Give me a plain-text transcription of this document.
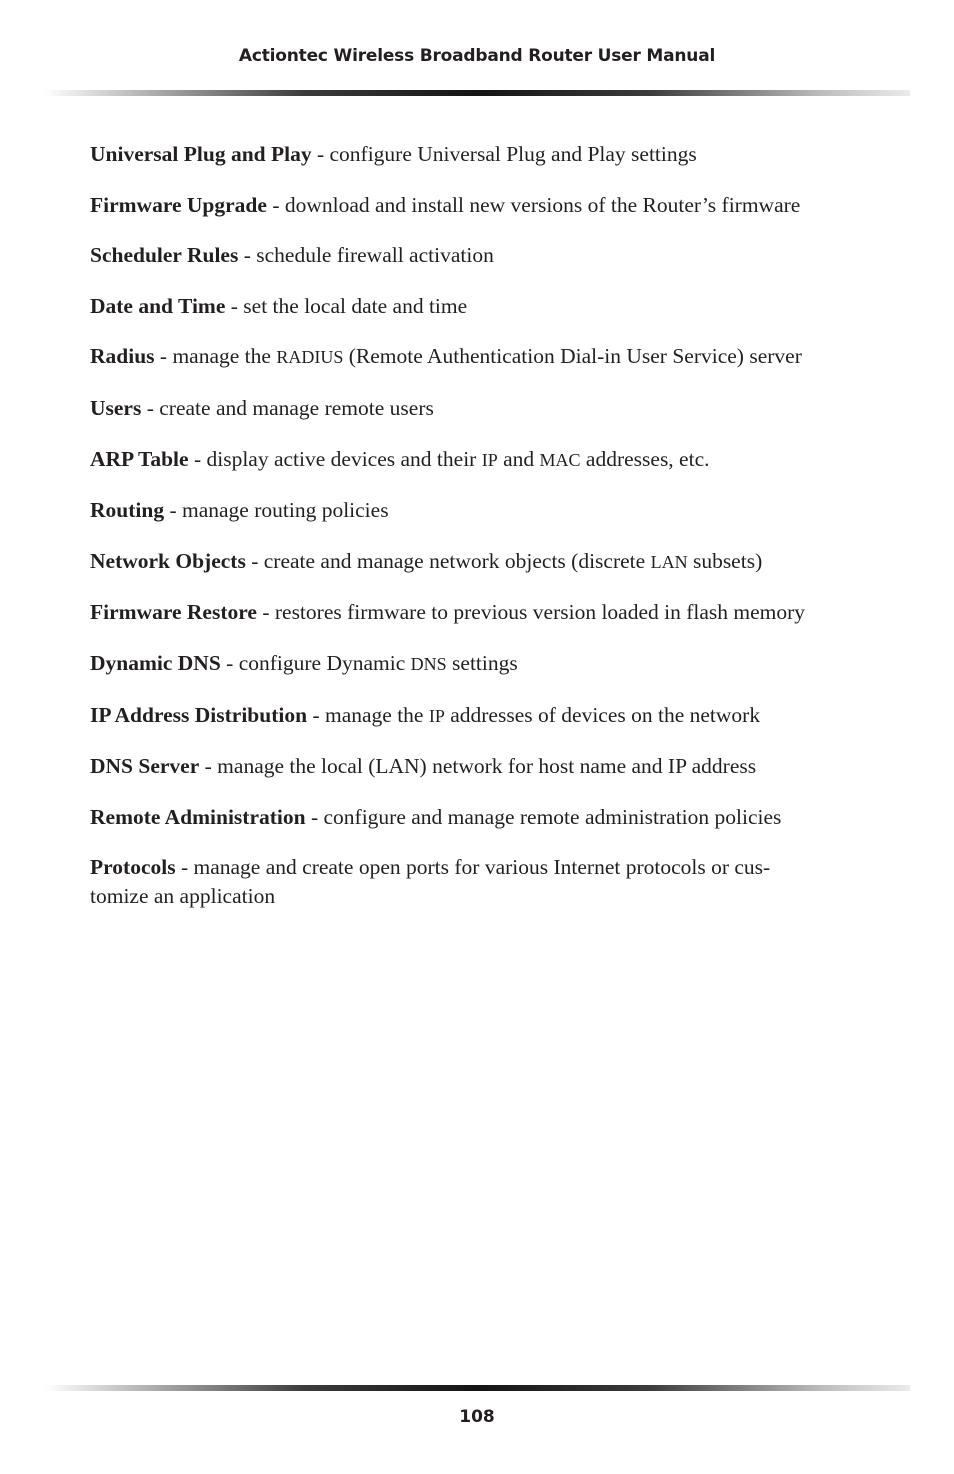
Actiontec Wireless Broadband Router User Manual
Universal Plug and Play - configure Universal Plug and Play settings
Firmware Upgrade - download and install new versions of the Router’s firmware
Scheduler Rules - schedule firewall activation
Date and Time - set the local date and time
Radius - manage the RADIUS (Remote Authentication Dial-in User Service) server
Users - create and manage remote users
ARP Table - display active devices and their IP and MAC addresses, etc.
Routing - manage routing policies
Network Objects - create and manage network objects (discrete LAN subsets)
Firmware Restore - restores firmware to previous version loaded in flash memory
Dynamic DNS - configure Dynamic DNS settings
IP Address Distribution - manage the IP addresses of devices on the network
DNS Server - manage the local (LAN) network for host name and IP address
Remote Administration - configure and manage remote administration policies
Protocols - manage and create open ports for various Internet protocols or cus-
tomize an application
108
